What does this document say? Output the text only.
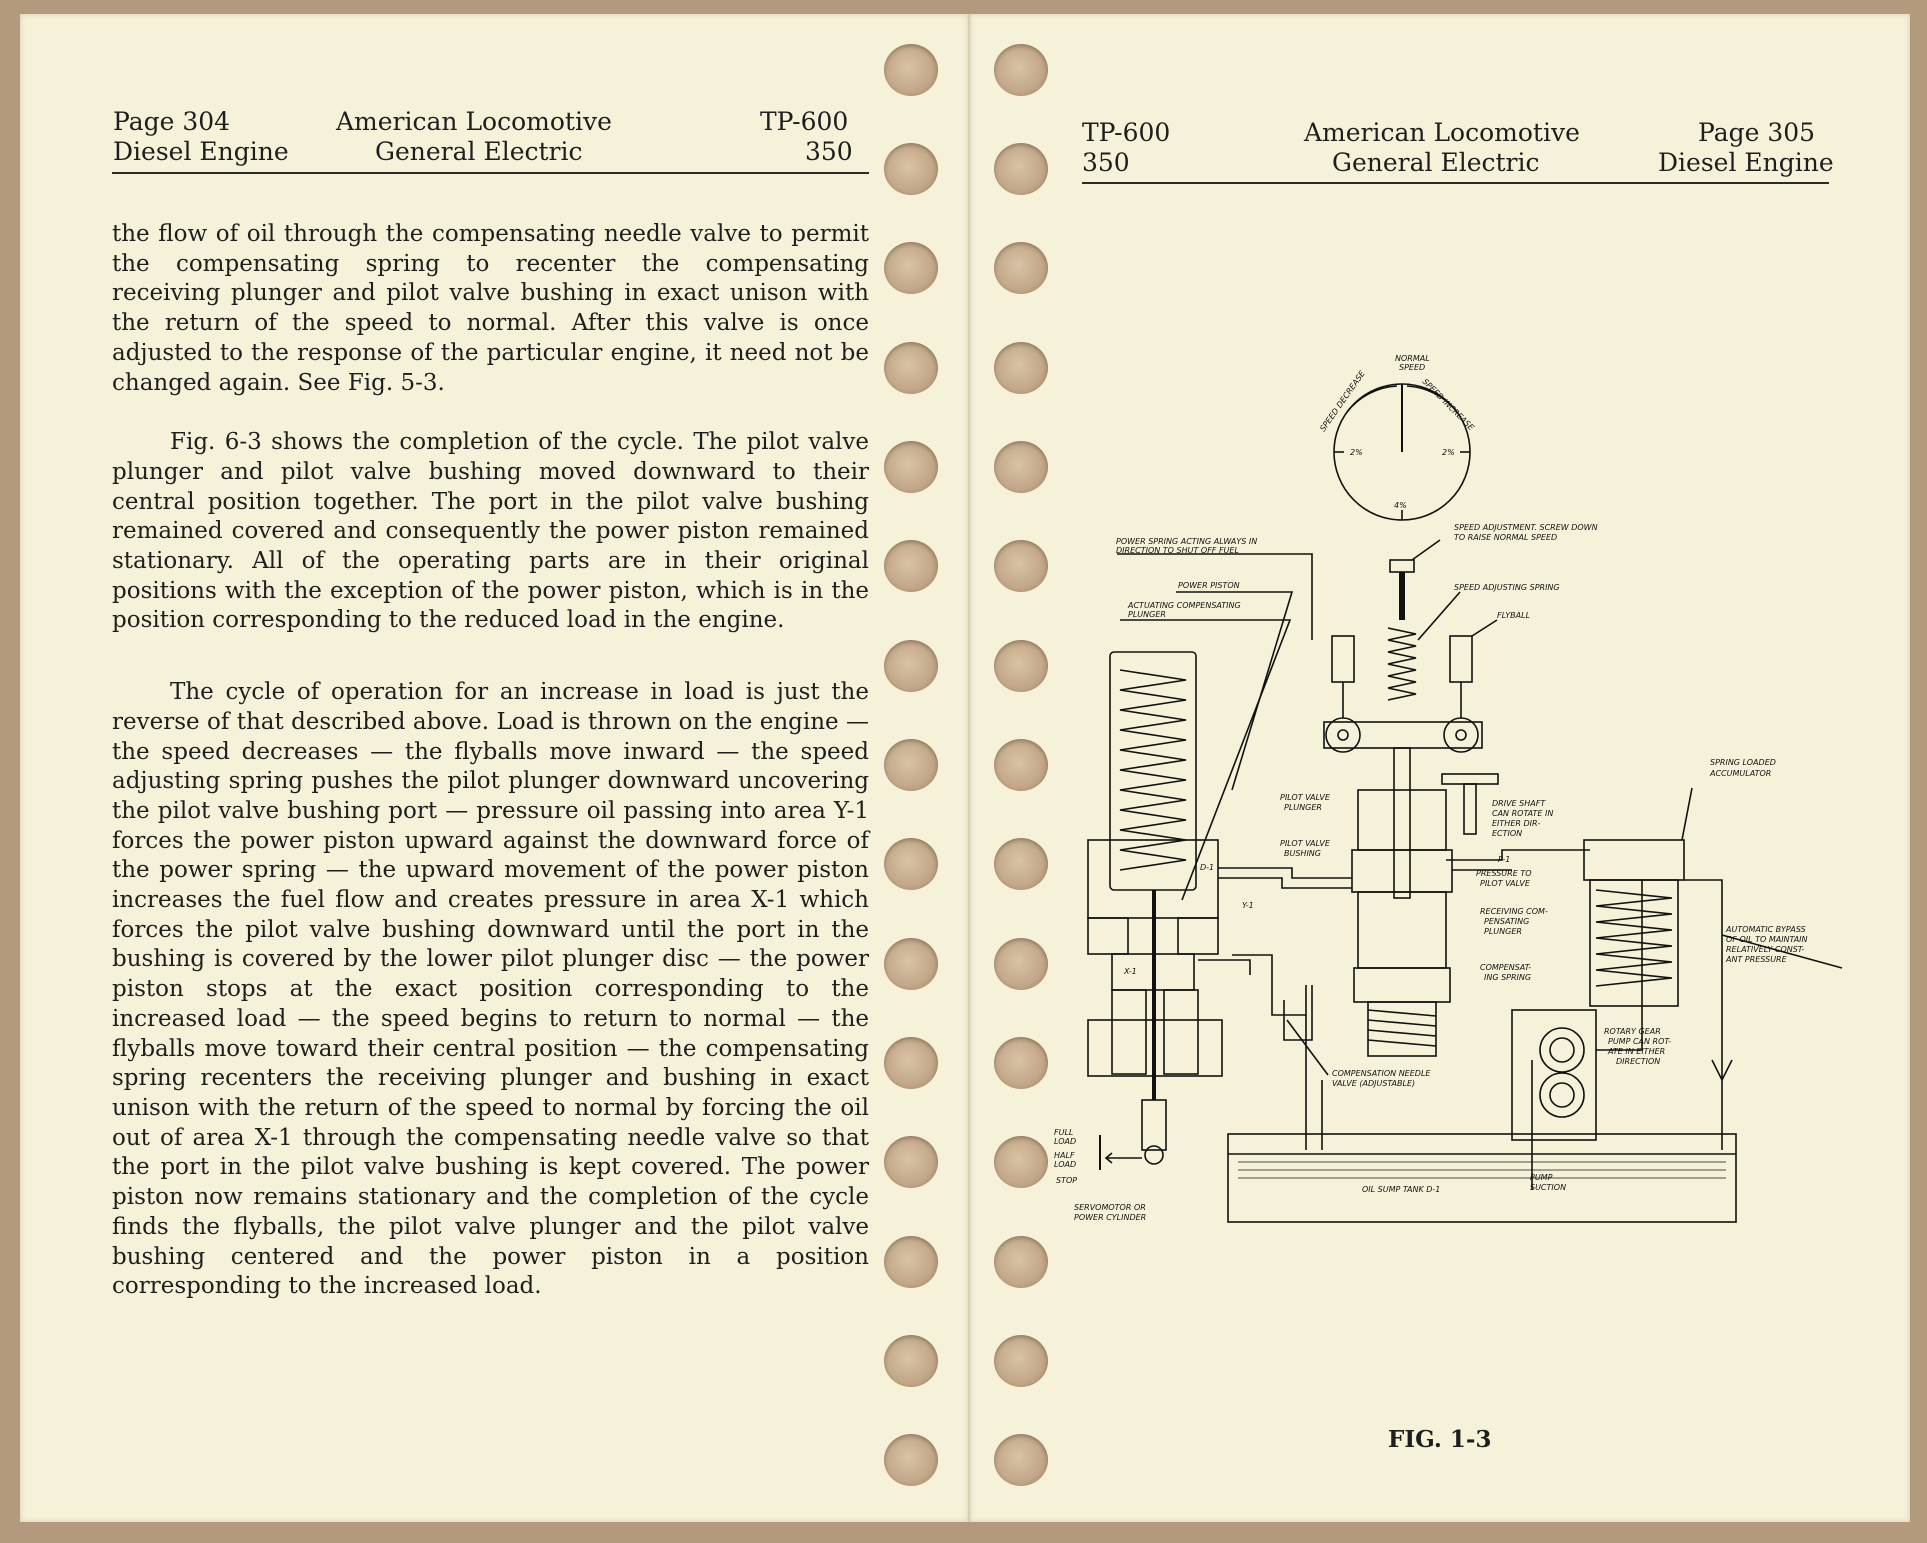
Page 304
Diesel Engine
American Locomotive
General Electric
TP-600
350

the flow of oil through the compensating needle valve to permit the compensating spring to recenter the compensating receiving plunger and pilot valve bushing in exact unison with the return of the speed to normal. After this valve is once adjusted to the response of the particular engine, it need not be changed again. See Fig. 5-3.

Fig. 6-3 shows the completion of the cycle. The pilot valve plunger and pilot valve bushing moved downward to their central position together. The port in the pilot valve bushing remained covered and consequently the power piston remained stationary. All of the operating parts are in their original positions with the exception of the power piston, which is in the position corresponding to the reduced load in the engine.

The cycle of operation for an increase in load is just the reverse of that described above. Load is thrown on the engine — the speed decreases — the flyballs move inward — the speed adjusting spring pushes the pilot plunger downward uncovering the pilot valve bushing port — pressure oil passing into area Y-1 forces the power piston upward against the downward force of the power spring — the upward movement of the power piston increases the fuel flow and creates pressure in area X-1 which forces the pilot valve bushing downward until the port in the bushing is covered by the lower pilot plunger disc — the power piston stops at the exact position corresponding to the increased load — the speed begins to return to normal — the flyballs move toward their central position — the compensating spring recenters the receiving plunger and bushing in exact unison with the return of the speed to normal by forcing the oil out of area X-1 through the compensating needle valve so that the port in the pilot valve bushing is kept covered. The power piston now remains stationary and the completion of the cycle finds the flyballs, the pilot valve plunger and the pilot valve bushing centered and the power piston in a position corresponding to the increased load.

TP-600
350
American Locomotive
General Electric
Page 305
Diesel Engine
NORMAL
SPEED
SPEED DECREASE	SPEED INCREASE
2%	2%
4%
SPEED ADJUSTMENT. SCREW DOWN
TO RAISE NORMAL SPEED
POWER SPRING ACTING ALWAYS IN
DIRECTION TO SHUT OFF FUEL
POWER PISTON	SPEED ADJUSTING SPRING
ACTUATING COMPENSATING
PLUNGER	FLYBALL
SPRING LOADED
ACCUMULATOR
PILOT VALVE
PLUNGER	DRIVE SHAFT
CAN ROTATE IN
EITHER DIR-
ECTION
PILOT VALVE
BUSHING
PRESSURE TO
PILOT VALVE
RECEIVING COM-
PENSATING
PLUNGER	AUTOMATIC BYPASS
OF OIL TO MAINTAIN
RELATIVELY CONST-
ANT PRESSURE
COMPENSAT-
ING SPRING
ROTARY GEAR
PUMP CAN ROT-
ATE IN EITHER
DIRECTION
COMPENSATION NEEDLE
VALVE (ADJUSTABLE)
FULL
LOAD
HALF
LOAD
STOP
SERVOMOTOR OR
POWER CYLINDER
OIL SUMP TANK D-1
PUMP
SUCTION
D-1
Y-1
X-1
P-1
FIG. 1-3
